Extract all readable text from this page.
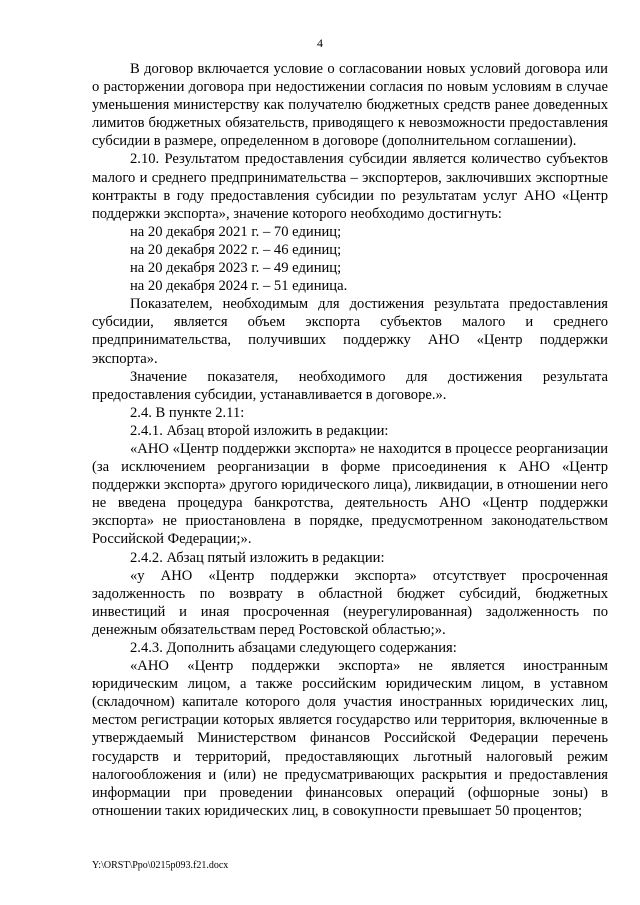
4

В договор включается условие о согласовании новых условий договора или о расторжении договора при недостижении согласия по новым условиям в случае уменьшения министерству как получателю бюджетных средств ранее доведенных лимитов бюджетных обязательств, приводящего к невозможности предоставления субсидии в размере, определенном в договоре (дополнительном соглашении).

2.10. Результатом предоставления субсидии является количество субъектов малого и среднего предпринимательства – экспортеров, заключивших экспортные контракты в году предоставления субсидии по результатам услуг АНО «Центр поддержки экспорта», значение которого необходимо достигнуть:

на 20 декабря 2021 г. – 70 единиц;

на 20 декабря 2022 г. – 46 единиц;

на 20 декабря 2023 г. – 49 единиц;

на 20 декабря 2024 г. – 51 единица.

Показателем, необходимым для достижения результата предоставления субсидии, является объем экспорта субъектов малого и среднего предпринимательства, получивших поддержку АНО «Центр поддержки экспорта».

Значение показателя, необходимого для достижения результата предоставления субсидии, устанавливается в договоре.».

2.4. В пункте 2.11:

2.4.1. Абзац второй изложить в редакции:

«АНО «Центр поддержки экспорта» не находится в процессе реорганизации (за исключением реорганизации в форме присоединения к АНО «Центр поддержки экспорта» другого юридического лица), ликвидации, в отношении него не введена процедура банкротства, деятельность АНО «Центр поддержки экспорта» не приостановлена в порядке, предусмотренном законодательством Российской Федерации;».

2.4.2. Абзац пятый изложить в редакции:

«у АНО «Центр поддержки экспорта» отсутствует просроченная задолженность по возврату в областной бюджет субсидий, бюджетных инвестиций и иная просроченная (неурегулированная) задолженность по денежным обязательствам перед Ростовской областью;».

2.4.3. Дополнить абзацами следующего содержания:

«АНО «Центр поддержки экспорта» не является иностранным юридическим лицом, а также российским юридическим лицом, в уставном (складочном) капитале которого доля участия иностранных юридических лиц, местом регистрации которых является государство или территория, включенные в утверждаемый Министерством финансов Российской Федерации перечень государств и территорий, предоставляющих льготный налоговый режим налогообложения и (или) не предусматривающих раскрытия и предоставления информации при проведении финансовых операций (офшорные зоны) в отношении таких юридических лиц, в совокупности превышает 50 процентов;

Y:\ORST\Ppo\0215p093.f21.docx
